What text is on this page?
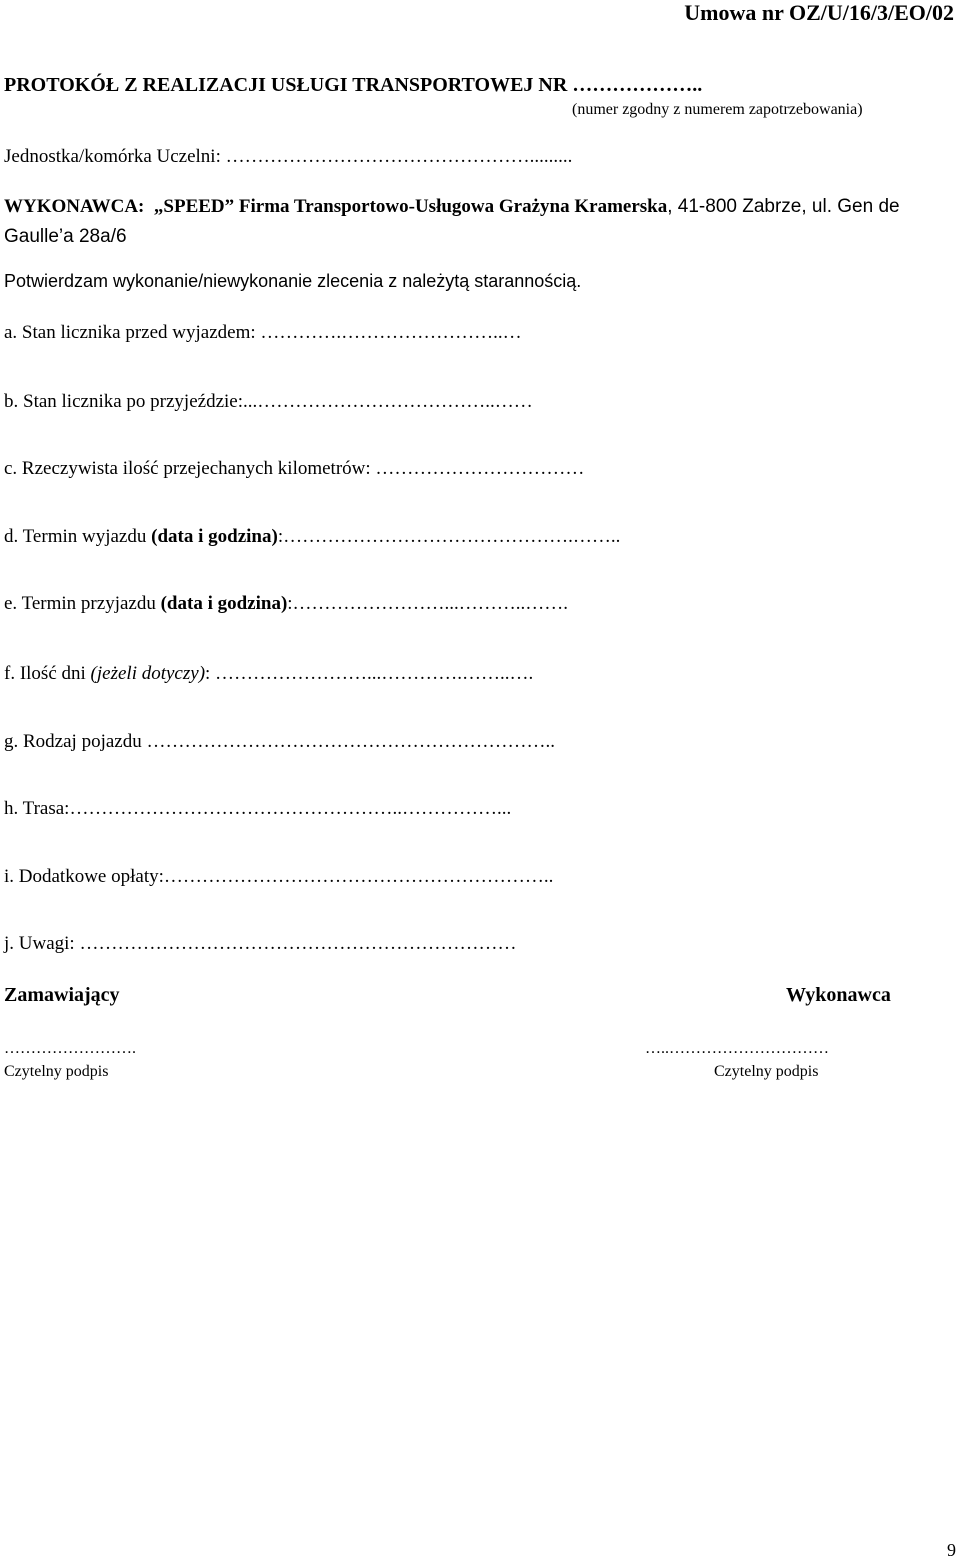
Umowa nr OZ/U/16/3/EO/02
PROTOKÓŁ Z REALIZACJI USŁUGI TRANSPORTOWEJ NR ………………..
(numer zgodny z numerem zapotrzebowania)
Jednostka/komórka Uczelni: ………………………………………….........
WYKONAWCA: „SPEED” Firma Transportowo-Usługowa Grażyna Kramerska, 41-800 Zabrze, ul. Gen de Gaulle’a 28a/6
Potwierdzam wykonanie/niewykonanie zlecenia z należytą starannością.
a. Stan licznika przed wyjazdem: ………….……………………..…
b. Stan licznika po przyjeździe:...………………………………..……
c. Rzeczywista ilość przejechanych kilometrów: ……………………………
d. Termin wyjazdu (data i godzina):……………………………………….……..
e. Termin przyjazdu (data i godzina):……………………...………..…….
f. Ilość dni (jeżeli dotyczy): ……………………...………….……..….
g. Rodzaj pojazdu ………………………………………………………..
h. Trasa:……………………………………………..……………...
i. Dodatkowe opłaty:……………………………………………………..
j. Uwagi: ……………………………………………………………
Zamawiający	Wykonawca
…………………….	…..…………………………
Czytelny podpis	Czytelny podpis
9
